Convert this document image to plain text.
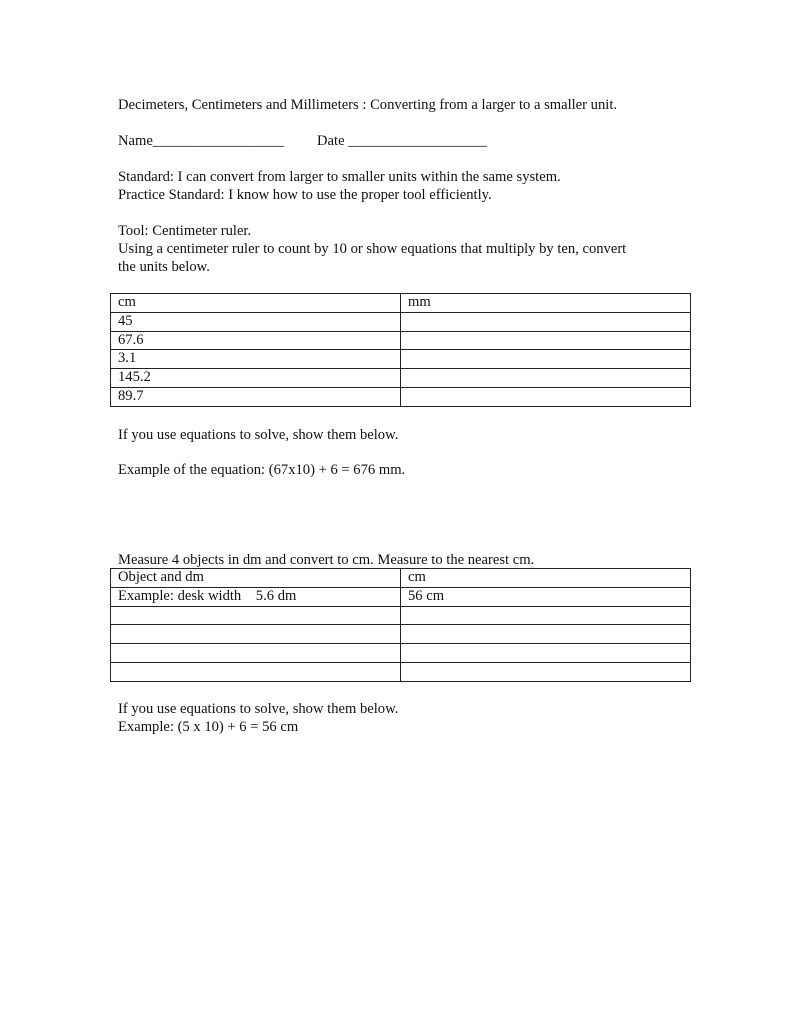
Decimeters, Centimeters and Millimeters : Converting from a larger to a smaller unit.
Name__________________ Date ___________________
Standard: I can convert from larger to smaller units within the same system.
Practice Standard: I know how to use the proper tool efficiently.
Tool: Centimeter ruler.
Using a centimeter ruler to count by 10 or show equations that multiply by ten, convert
the units below.
cm	mm
45	
67.6	
3.1	
145.2	
89.7	
If you use equations to solve, show them below.
Example of the equation: (67x10) + 6 = 676 mm.
Measure 4 objects in dm and convert to cm. Measure to the nearest cm.
Object and dm	cm
Example: desk width    5.6 dm	56 cm

If you use equations to solve, show them below.
Example: (5 x 10) + 6 = 56 cm
